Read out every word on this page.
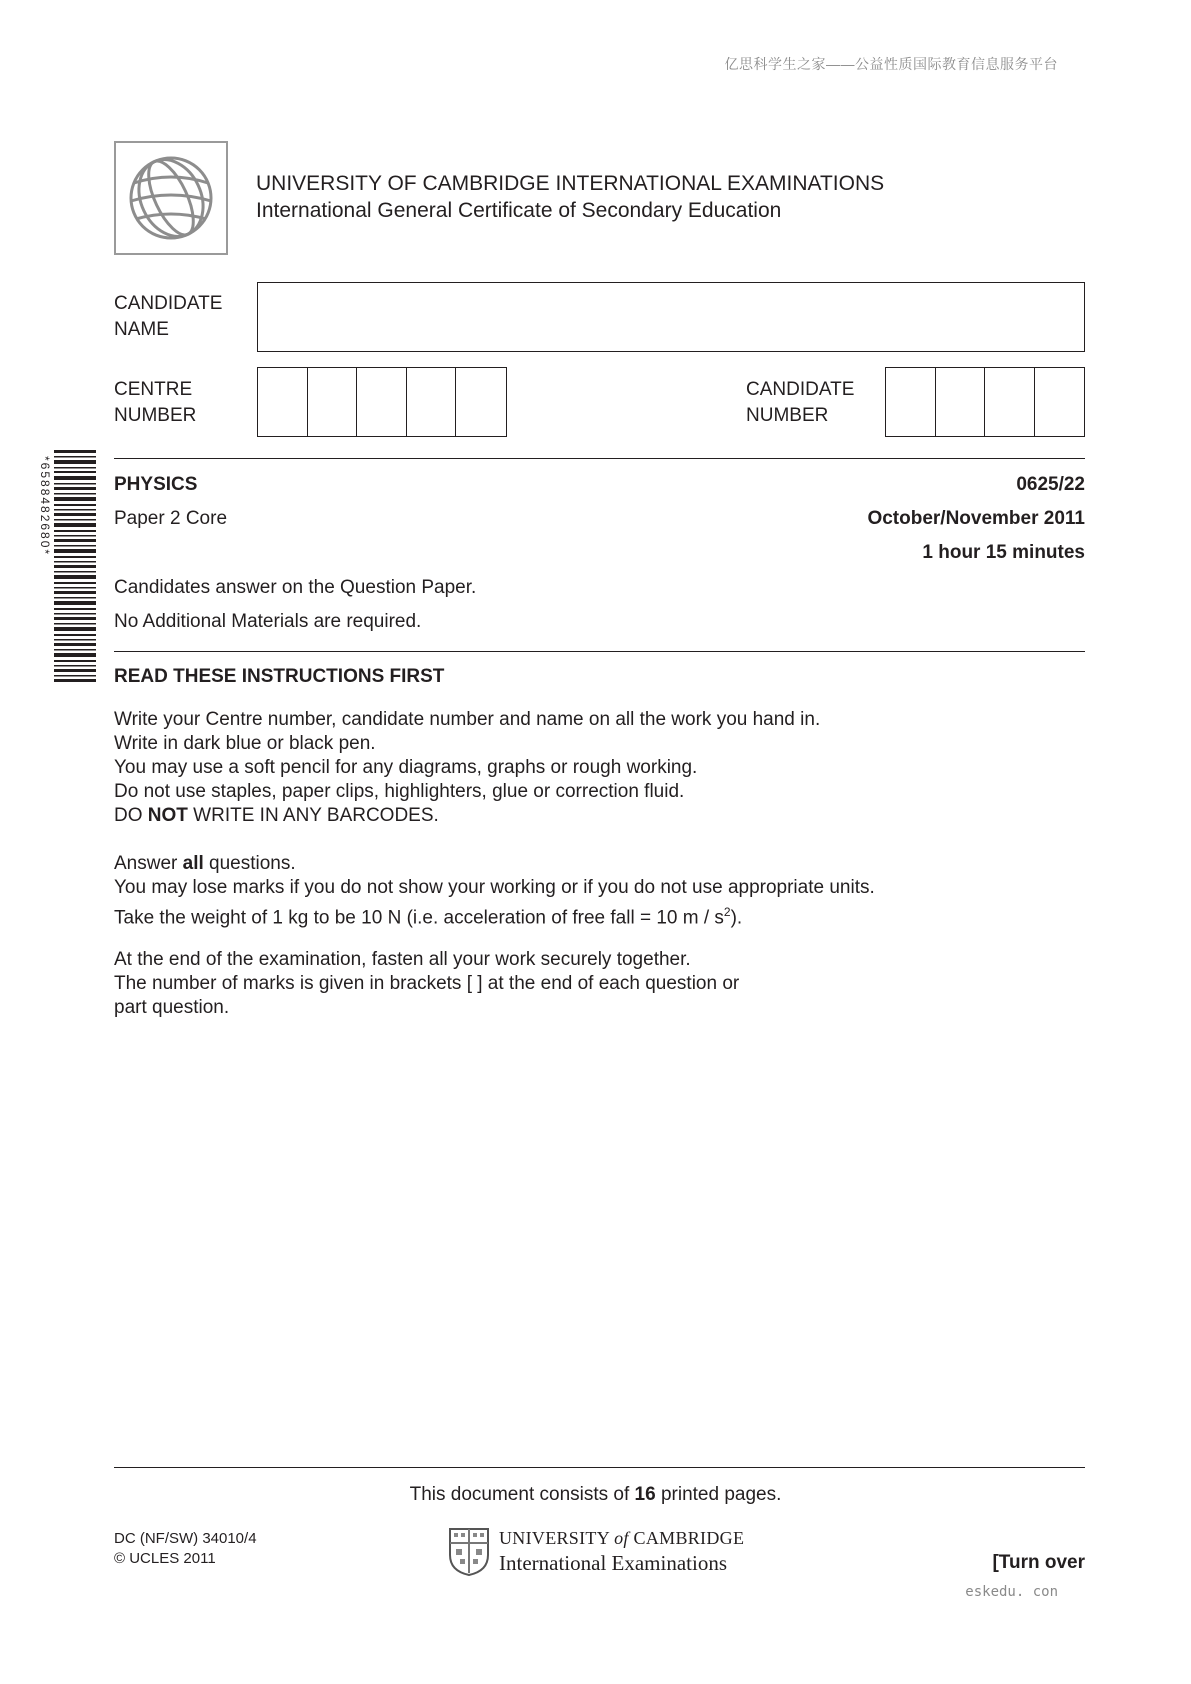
亿思科学生之家——公益性质国际教育信息服务平台
UNIVERSITY OF CAMBRIDGE INTERNATIONAL EXAMINATIONS
International General Certificate of Secondary Education
CANDIDATE
NAME
CENTRE
NUMBER
CANDIDATE
NUMBER
*6588482680*	PHYSICS	0625/22
Paper 2 Core	October/November 2011
1 hour 15 minutes
Candidates answer on the Question Paper.
No Additional Materials are required.
READ THESE INSTRUCTIONS FIRST
Write your Centre number, candidate number and name on all the work you hand in.
Write in dark blue or black pen.
You may use a soft pencil for any diagrams, graphs or rough working.
Do not use staples, paper clips, highlighters, glue or correction fluid.
DO NOT WRITE IN ANY BARCODES.
Answer all questions.
You may lose marks if you do not show your working or if you do not use appropriate units.
Take the weight of 1 kg to be 10 N (i.e. acceleration of free fall = 10 m / $s^2$).
At the end of the examination, fasten all your work securely together.
The number of marks is given in brackets [ ] at the end of each question or
part question.
This document consists of 16 printed pages.
DC (NF/SW) 34010/4
© UCLES 2011
UNIVERSITY of CAMBRIDGE
International Examinations	[Turn over
eskedu. con
